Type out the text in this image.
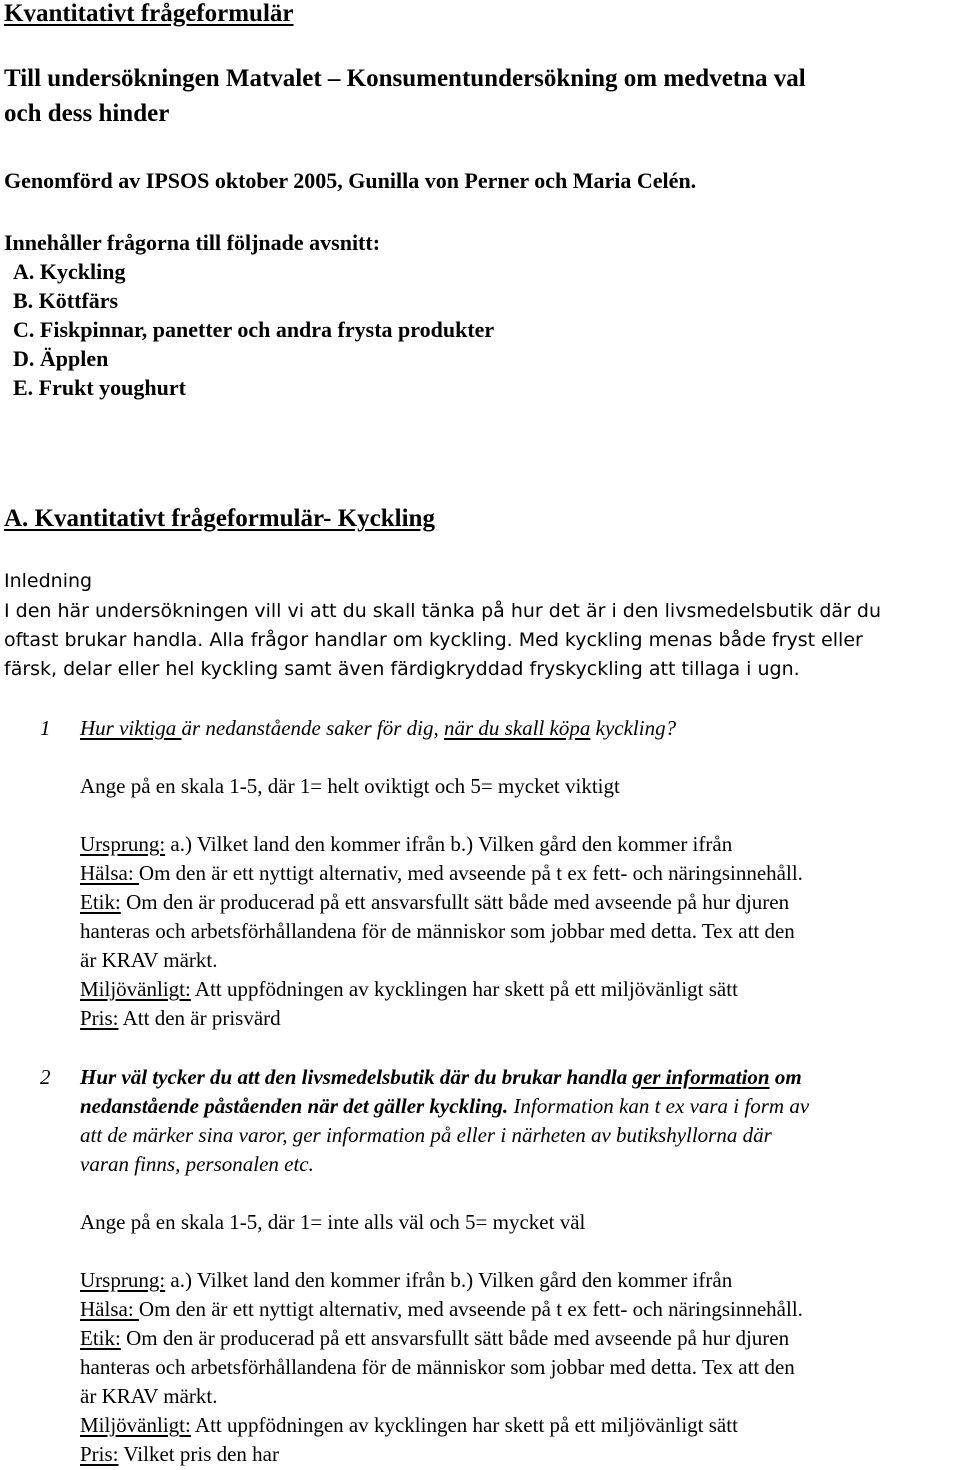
Kvantitativt frågeformulär
Till undersökningen Matvalet – Konsumentundersökning om medvetna val
och dess hinder
Genomförd av IPSOS oktober 2005, Gunilla von Perner och Maria Celén.
Innehåller frågorna till följnade avsnitt:
A. Kyckling
B. Köttfärs
C. Fiskpinnar, panetter och andra frysta produkter
D. Äpplen
E. Frukt youghurt
A. Kvantitativt frågeformulär- Kyckling
Inledning
I den här undersökningen vill vi att du skall tänka på hur det är i den livsmedelsbutik där du
oftast brukar handla. Alla frågor handlar om kyckling. Med kyckling menas både fryst eller
färsk, delar eller hel kyckling samt även färdigkryddad fryskyckling att tillaga i ugn.
1 Hur viktiga är nedanstående saker för dig, när du skall köpa kyckling?
Ange på en skala 1-5, där 1= helt oviktigt och 5= mycket viktigt
Ursprung: a.) Vilket land den kommer ifrån b.) Vilken gård den kommer ifrån
Hälsa: Om den är ett nyttigt alternativ, med avseende på t ex fett- och näringsinnehåll.
Etik: Om den är producerad på ett ansvarsfullt sätt både med avseende på hur djuren
hanteras och arbetsförhållandena för de människor som jobbar med detta. Tex att den
är KRAV märkt.
Miljövänligt: Att uppfödningen av kycklingen har skett på ett miljövänligt sätt
Pris: Att den är prisvärd
2 Hur väl tycker du att den livsmedelsbutik där du brukar handla ger information om
nedanstående påståenden när det gäller kyckling. Information kan t ex vara i form av
att de märker sina varor, ger information på eller i närheten av butikshyllorna där
varan finns, personalen etc.
Ange på en skala 1-5, där 1= inte alls väl och 5= mycket väl
Ursprung: a.) Vilket land den kommer ifrån b.) Vilken gård den kommer ifrån
Hälsa: Om den är ett nyttigt alternativ, med avseende på t ex fett- och näringsinnehåll.
Etik: Om den är producerad på ett ansvarsfullt sätt både med avseende på hur djuren
hanteras och arbetsförhållandena för de människor som jobbar med detta. Tex att den
är KRAV märkt.
Miljövänligt: Att uppfödningen av kycklingen har skett på ett miljövänligt sätt
Pris: Vilket pris den har
